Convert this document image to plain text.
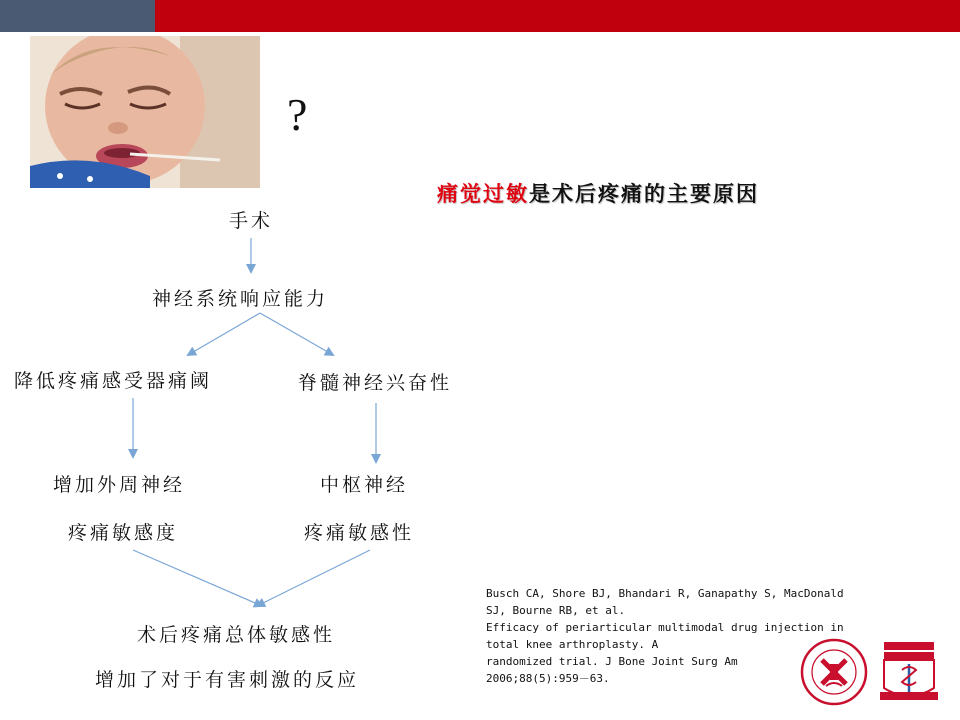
?
痛觉过敏是术后疼痛的主要原因
手术
神经系统响应能力
降低疼痛感受器痛阈	脊髓神经兴奋性
增加外周神经
疼痛敏感度
中枢神经
疼痛敏感性
术后疼痛总体敏感性
增加了对于有害刺激的反应
Busch CA, Shore BJ, Bhandari R, Ganapathy S, MacDonald
SJ, Bourne RB, et al.
Efficacy of periarticular multimodal drug injection in
total knee arthroplasty. A
randomized trial. J Bone Joint Surg Am
2006;88(5):959－63.
